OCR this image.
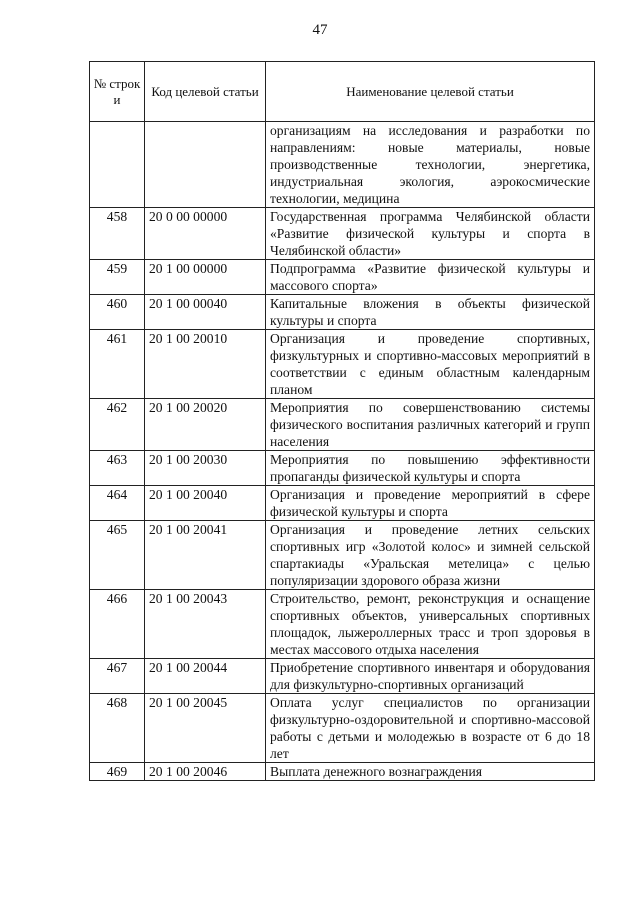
47
№ строк и	Код целевой статьи	Наименование целевой статьи
		организациям на исследования и разработки по направлениям: новые материалы, новые производственные технологии, энергетика, индустриальная экология, аэрокосмические технологии, медицина
458	20 0 00 00000	Государственная программа Челябинской области «Развитие физической культуры и спорта в Челябинской области»
459	20 1 00 00000	Подпрограмма «Развитие физической культуры и массового спорта»
460	20 1 00 00040	Капитальные вложения в объекты физической культуры и спорта
461	20 1 00 20010	Организация и проведение спортивных, физкультурных и спортивно-массовых мероприятий в соответствии с единым областным календарным планом
462	20 1 00 20020	Мероприятия по совершенствованию системы физического воспитания различных категорий и групп населения
463	20 1 00 20030	Мероприятия по повышению эффективности пропаганды физической культуры и спорта
464	20 1 00 20040	Организация и проведение мероприятий в сфере физической культуры и спорта
465	20 1 00 20041	Организация и проведение летних сельских спортивных игр «Золотой колос» и зимней сельской спартакиады «Уральская метелица» с целью популяризации здорового образа жизни
466	20 1 00 20043	Строительство, ремонт, реконструкция и оснащение спортивных объектов, универсальных спортивных площадок, лыжероллерных трасс и троп здоровья в местах массового отдыха населения
467	20 1 00 20044	Приобретение спортивного инвентаря и оборудования для физкультурно-спортивных организаций
468	20 1 00 20045	Оплата услуг специалистов по организации физкультурно-оздоровительной и спортивно-массовой работы с детьми и молодежью в возрасте от 6 до 18 лет
469	20 1 00 20046	Выплата денежного вознаграждения
